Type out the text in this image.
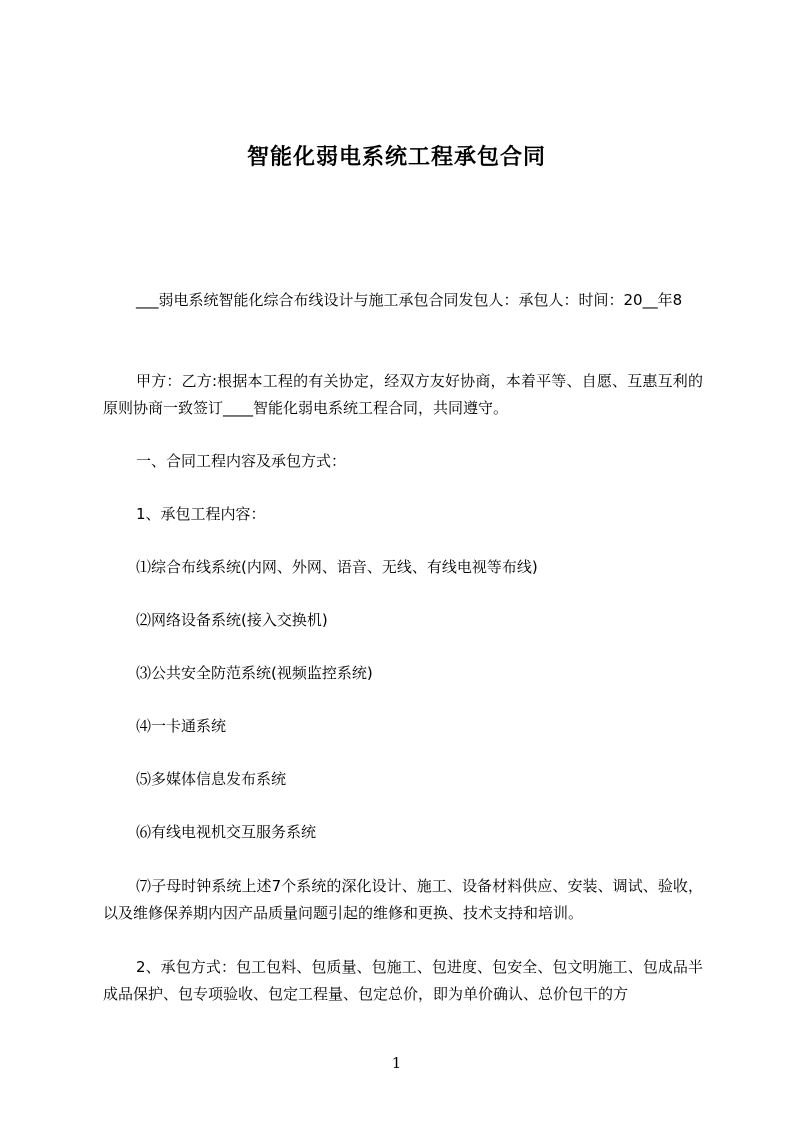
智能化弱电系统工程承包合同
___弱电系统智能化综合布线设计与施工承包合同发包人：承包人：时间：20__年8
甲方：乙方:根据本工程的有关协定，经双方友好协商，本着平等、自愿、互惠互利的原则协商一致签订____智能化弱电系统工程合同，共同遵守。
一、合同工程内容及承包方式：
1、承包工程内容：
⑴综合布线系统(内网、外网、语音、无线、有线电视等布线)
⑵网络设备系统(接入交换机)
⑶公共安全防范系统(视频监控系统)
⑷一卡通系统
⑸多媒体信息发布系统
⑹有线电视机交互服务系统
⑺子母时钟系统上述7个系统的深化设计、施工、设备材料供应、安装、调试、验收，以及维修保养期内因产品质量问题引起的维修和更换、技术支持和培训。
2、承包方式：包工包料、包质量、包施工、包进度、包安全、包文明施工、包成品半成品保护、包专项验收、包定工程量、包定总价，即为单价确认、总价包干的方
1
